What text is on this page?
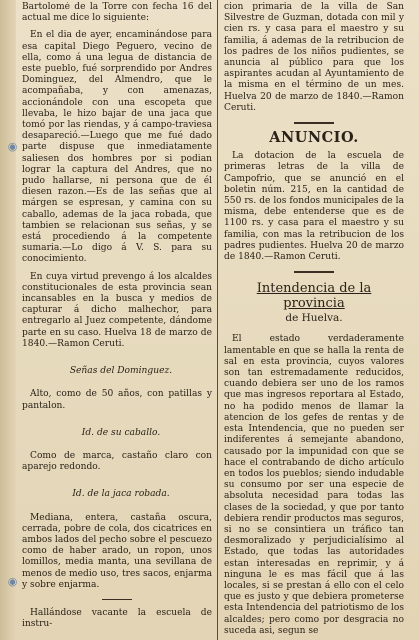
◉
◉

Bartolomé de la Torre con fecha 16 del actual me dice lo siguiente:

En el dia de ayer, encaminándose para esa capital Diego Peguero, vecino de ella, como á una legua de distancia de este pueblo, fué sorprendido por Andres Dominguez, del Almendro, que le acompañaba, y con amenazas, accionándole con una escopeta que llevaba, le hizo bajar de una jaca que tomó por las riendas, y á campo-traviesa desapareció.—Luego que me fué dado parte dispuse que inmediatamente saliesen dos hombres por si podian lograr la captura del Andres, que no pudo hallarse, ni persona que de él diesen razon.—Es de las señas que al márgen se espresan, y camina con su caballo, ademas de la jaca robada, que tambien se relacionan sus señas, y se está procediendo á la competente sumaria.—Lo digo á V. S. para su conocimiento.

En cuya virtud prevengo á los alcaldes constitucionales de esta provincia sean incansables en la busca y medios de capturar á dicho malhechor, para entregarlo al Juez competente, dándome parte en su caso. Huelva 18 de marzo de 1840.—Ramon Ceruti.

Señas del Dominguez.

Alto, como de 50 años, con patillas y pantalon.

Id. de su caballo.

Como de marca, castaño claro con aparejo redondo.

Id. de la jaca robada.

Mediana, entera, castaña oscura, cerrada, pobre de cola, dos cicatrices en ambos lados del pecho sobre el pescuezo como de haber arado, un ropon, unos lomillos, media manta, una sevillana de menos de medio uso, tres sacos, enjarma y sobre enjarma.

Hallándose vacante la escuela de instru-

cion primaria de la villa de San Silvestre de Guzman, dotada con mil y cien rs. y casa para el maestro y su familia, á ademas de la retribucion de los padres de los niños pudientes, se anuncia al público para que los aspirantes acudan al Ayuntamiento de la misma en el término de un mes. Huelva 20 de marzo de 1840.—Ramon Ceruti.

ANUNCIO.

La dotacion de la escuela de primeras letras de la villa de Campofrio, que se anunció en el boletin núm. 215, en la cantidad de 550 rs. de los fondos municipales de la misma, debe entenderse que es de 1100 rs. y casa para el maestro y su familia, con mas la retribucion de los padres pudientes. Huelva 20 de marzo de 1840.—Ramon Ceruti.

Intendencia de la provincia
de Huelva.

El estado verdaderamente lamentable en que se halla la renta de sal en esta provincia, cuyos valores son tan estremadamente reducidos, cuando debiera ser uno de los ramos que mas ingresos reportara al Estado, no ha podido menos de llamar la atencion de los gefes de rentas y de esta Intendencia, que no pueden ser indiferentes á semejante abandono, causado por la impunidad con que se hace el contrabando de dicho artículo en todos los pueblos; siendo indudable su consumo por ser una especie de absoluta necesidad para todas las clases de la sociedad, y que por tanto debiera rendir productos mas seguros, si no se consintiera un tráfico tan desmoralizado y perjudicialísimo al Estado, que todas las autoridades estan interesadas en reprimir, y á ninguna le es mas fácil que á las locales, si se prestan á ello con el celo que es justo y que debiera prometerse esta Intendencia del patriotismo de los alcaldes; pero como por desgracia no suceda asi, segun se
